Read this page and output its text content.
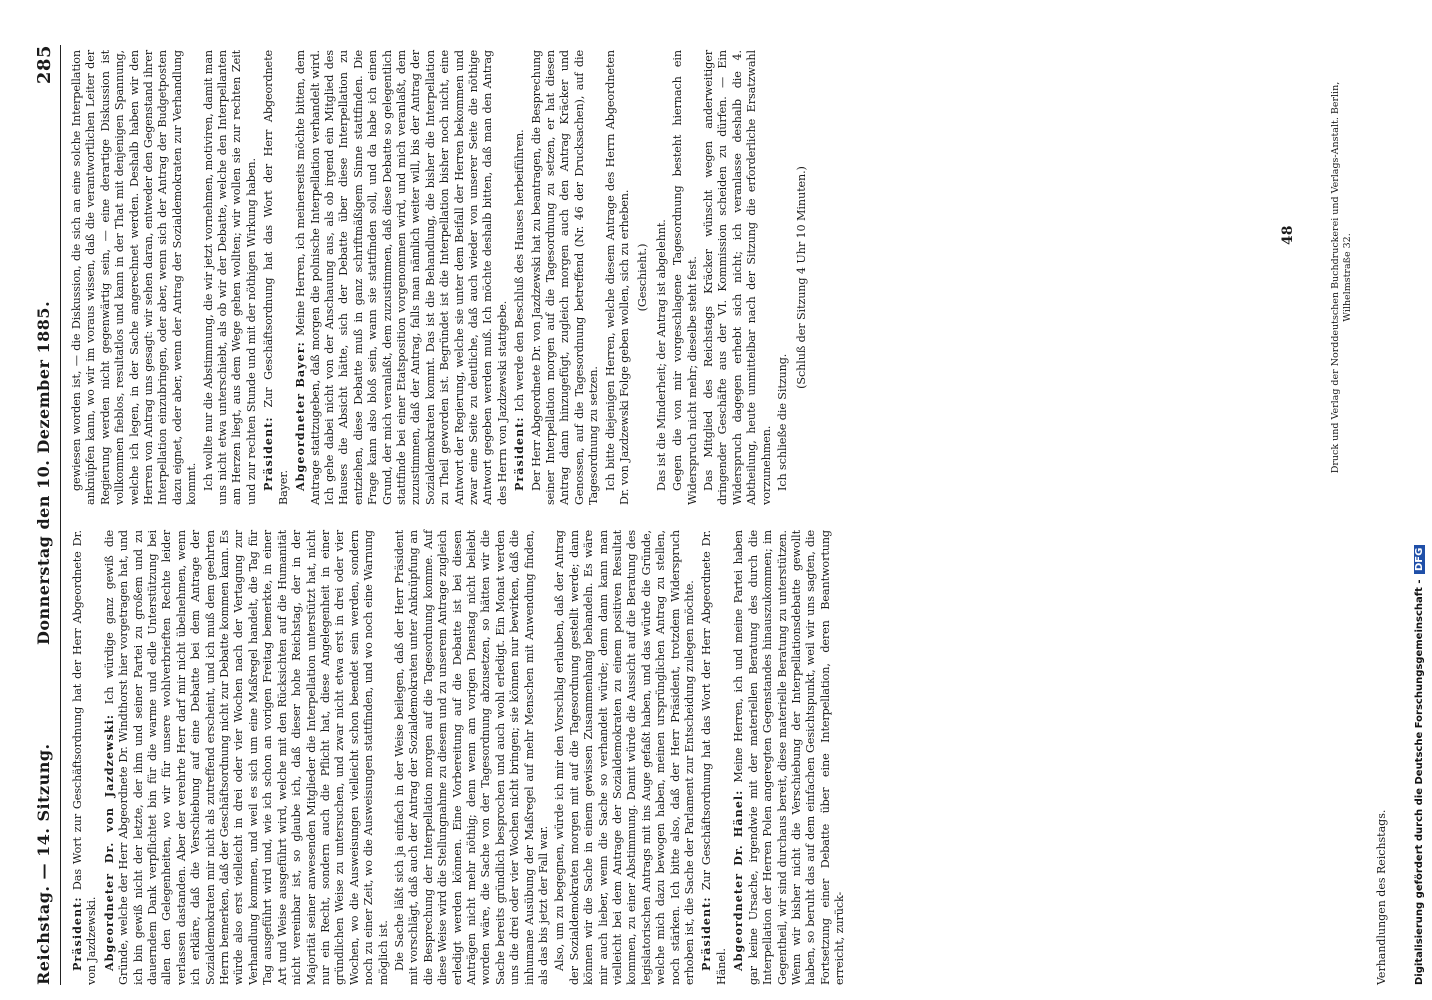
Reichstag. — 14. Sitzung.
Donnerstag den 10. Dezember 1885.
285

Präsident: Das Wort zur Geschäftsordnung hat der Herr Abgeordnete Dr. von Jazdzewski. Abgeordneter Dr. von Jazdzewski: Ich würdige ganz gewiß die Gründe, welche der Herr Abgeordnete Dr. Windthorst hier vorgetragen hat, und ich bin gewiß nicht der letzte, der ihm und seiner Partei zu großem und zu dauerndem Dank verpflichtet bin für die warme und edle Unterstützung bei allen den Gelegenheiten, wo wir für unsere wohlverbrieften Rechte leider verlassen dastanden. Aber der verehrte Herr darf mir nicht übelnehmen, wenn ich erkläre, daß die Verschiebung auf eine Debatte bei dem Antrage der Sozialdemokraten mir nicht als zutreffend erscheint, und ich muß dem geehrten Herrn bemerken, daß der Geschäftsordnung nicht zur Debatte kommen kann. Es würde also erst vielleicht in drei oder vier Wochen nach der Vertagung zur Verhandlung kommen, und weil es sich um eine Maßregel handelt, die Tag für Tag ausgeführt wird und, wie ich schon an vorigen Freitag bemerkte, in einer Art und Weise ausgeführt wird, welche mit den Rücksichten auf die Humanität nicht vereinbar ist, so glaube ich, daß dieser hohe Reichstag, der in der Majorität seiner anwesenden Mitglieder die Interpellation unterstützt hat, nicht nur ein Recht, sondern auch die Pflicht hat, diese Angelegenheit in einer gründlichen Weise zu untersuchen, und zwar nicht etwa erst in drei oder vier Wochen, wo die Ausweisungen vielleicht schon beendet sein werden, sondern noch zu einer Zeit, wo die Ausweisungen stattfinden, und wo noch eine Warnung möglich ist. Die Sache läßt sich ja einfach in der Weise beilegen, daß der Herr Präsident mit vorschlägt, daß auch der Antrag der Sozialdemokraten unter Anknüpfung an die Besprechung der Interpellation morgen auf die Tagesordnung komme. Auf diese Weise wird die Stellungnahme zu diesem und zu unserem Antrage zugleich erledigt werden können. Eine Vorbereitung auf die Debatte ist bei diesen Anträgen nicht mehr nöthig; denn wenn am vorigen Dienstag nicht beliebt worden wäre, die Sache von der Tagesordnung abzusetzen, so hätten wir die Sache bereits gründlich besprochen und auch wohl erledigt. Ein Monat werden uns die drei oder vier Wochen nicht bringen; sie können nur bewirken, daß die inhumane Ausübung der Maßregel auf mehr Menschen mit Anwendung finden, als das bis jetzt der Fall war. Also, um zu begegnen, würde ich mir den Vorschlag erlauben, daß der Antrag der Sozialdemokraten morgen mit auf die Tagesordnung gestellt werde; dann können wir die Sache in einem gewissen Zusammenhang behandeln. Es wäre mir auch lieber, wenn die Sache so verhandelt würde; denn dann kann man vielleicht bei dem Antrage der Sozialdemokraten zu einem positiven Resultat kommen, zu einer Abstimmung. Damit würde die Aussicht auf die Beratung des legislatorischen Antrags mit ins Auge gefaßt haben, und das würde die Gründe, welche mich dazu bewogen haben, meinen ursprünglichen Antrag zu stellen, noch stärken. Ich bitte also, daß der Herr Präsident, trotzdem Widerspruch erhoben ist, die Sache der Parlament zur Entscheidung zulegen möchte. Präsident: Zur Geschäftsordnung hat das Wort der Herr Abgeordnete Dr. Hänel. Abgeordneter Dr. Hänel: Meine Herren, ich und meine Partei haben gar keine Ursache, irgendwie mit der materiellen Beratung des durch die Interpellation der Herren Polen angeregten Gegenstandes hinauszukommen; im Gegentheil, wir sind durchaus bereit, diese materielle Beratung zu unterstützen. Wenn wir bisher nicht die Verschiebung der Interpellationsdebatte gewollt haben, so beruht das auf dem einfachen Gesichtspunkt, weil wir uns sagten, die Fortsetzung einer Debatte über eine Interpellation, deren Beantwortung erreicht, zurück-

gewiesen worden ist, — die Diskussion, die sich an eine solche Interpellation anknüpfen kann, wo wir im voraus wissen, daß die verantwortlichen Leiter der Regierung werden nicht gegenwärtig sein, — eine derartige Diskussion ist vollkommen fieblos, resultatlos und kann in der That mit denjenigen Spannung, welche ich legen, in der Sache angerechnet werden. Deshalb haben wir den Herren von Antrag uns gesagt: wir sehen daran, entweder den Gegenstand ihrer Interpellation einzubringen, oder aber, wenn sich der Antrag der Budgetposten dazu eignet, oder aber, wenn der Antrag der Sozialdemokraten zur Verhandlung kommt. Ich wollte nur die Abstimmung, die wir jetzt vornehmen, motiviren, damit man uns nicht etwa unterschiebt, als ob wir der Debatte, welche den Interpellanten am Herzen liegt, aus dem Wege gehen wollten; wir wollen sie zur rechten Zeit und zur rechten Stunde und mit der nöthigen Wirkung haben. Präsident: Zur Geschäftsordnung hat das Wort der Herr Abgeordnete Bayer. Abgeordneter Bayer: Meine Herren, ich meinerseits möchte bitten, dem Antrage stattzugeben, daß morgen die polnische Interpellation verhandelt wird. Ich gehe dabei nicht von der Anschauung aus, als ob irgend ein Mitglied des Hauses die Absicht hätte, sich der Debatte über diese Interpellation zu entziehen, diese Debatte muß in ganz schriftmäßigem Sinne stattfinden. Die Frage kann also bloß sein, wann sie stattfinden soll, und da habe ich einen Grund, der mich veranlaßt, dem zuzustimmen, daß diese Debatte so gelegentlich stattfinde bei einer Etatsposition vorgenommen wird, und mich veranlaßt, dem zuzustimmen, daß der Antrag, falls man nämlich weiter will, bis der Antrag der Sozialdemokraten kommt. Das ist die Behandlung, die bisher die Interpellation zu Theil geworden ist. Begründet ist die Interpellation bisher noch nicht, eine Antwort der Regierung, welche sie unter dem Beifall der Herren bekommen und zwar eine Seite zu deutliche, daß auch wieder von unserer Seite die nöthige Antwort gegeben werden muß. Ich möchte deshalb bitten, daß man den Antrag des Herrn von Jazdzewski stattgebe. Präsident: Ich werde den Beschluß des Hauses herbeiführen. Der Herr Abgeordnete Dr. von Jazdzewski hat zu beantragen, die Besprechung seiner Interpellation morgen auf die Tagesordnung zu setzen, er hat diesen Antrag dann hinzugefügt, zugleich morgen auch den Antrag Kräcker und Genossen, auf die Tagesordnung betreffend (Nr. 46 der Drucksachen), auf die Tagesordnung zu setzen. Ich bitte diejenigen Herren, welche diesem Antrage des Herrn Abgeordneten Dr. von Jazdzewski Folge geben wollen, sich zu erheben. (Geschieht.) Das ist die Minderheit; der Antrag ist abgelehnt. Gegen die von mir vorgeschlagene Tagesordnung besteht hiernach ein Widerspruch nicht mehr; dieselbe steht fest. Das Mitglied des Reichstags Kräcker wünscht wegen anderweitiger dringender Geschäfte aus der VI. Kommission scheiden zu dürfen. — Ein Widerspruch dagegen erhebt sich nicht; ich veranlasse deshalb die 4. Abtheilung, heute unmittelbar nach der Sitzung die erforderliche Ersatzwahl vorzunehmen. Ich schließe die Sitzung.

(Schluß der Sitzung 4 Uhr 10 Minuten.)

Verhandlungen des Reichstags.
48	Druck und Verlag der Norddeutschen Buchdruckerei und Verlags-Anstalt. Berlin, Wilhelmstraße 32.
Digitalisierung gefördert durch die Deutsche Forschungsgemeinschaft - DFG
